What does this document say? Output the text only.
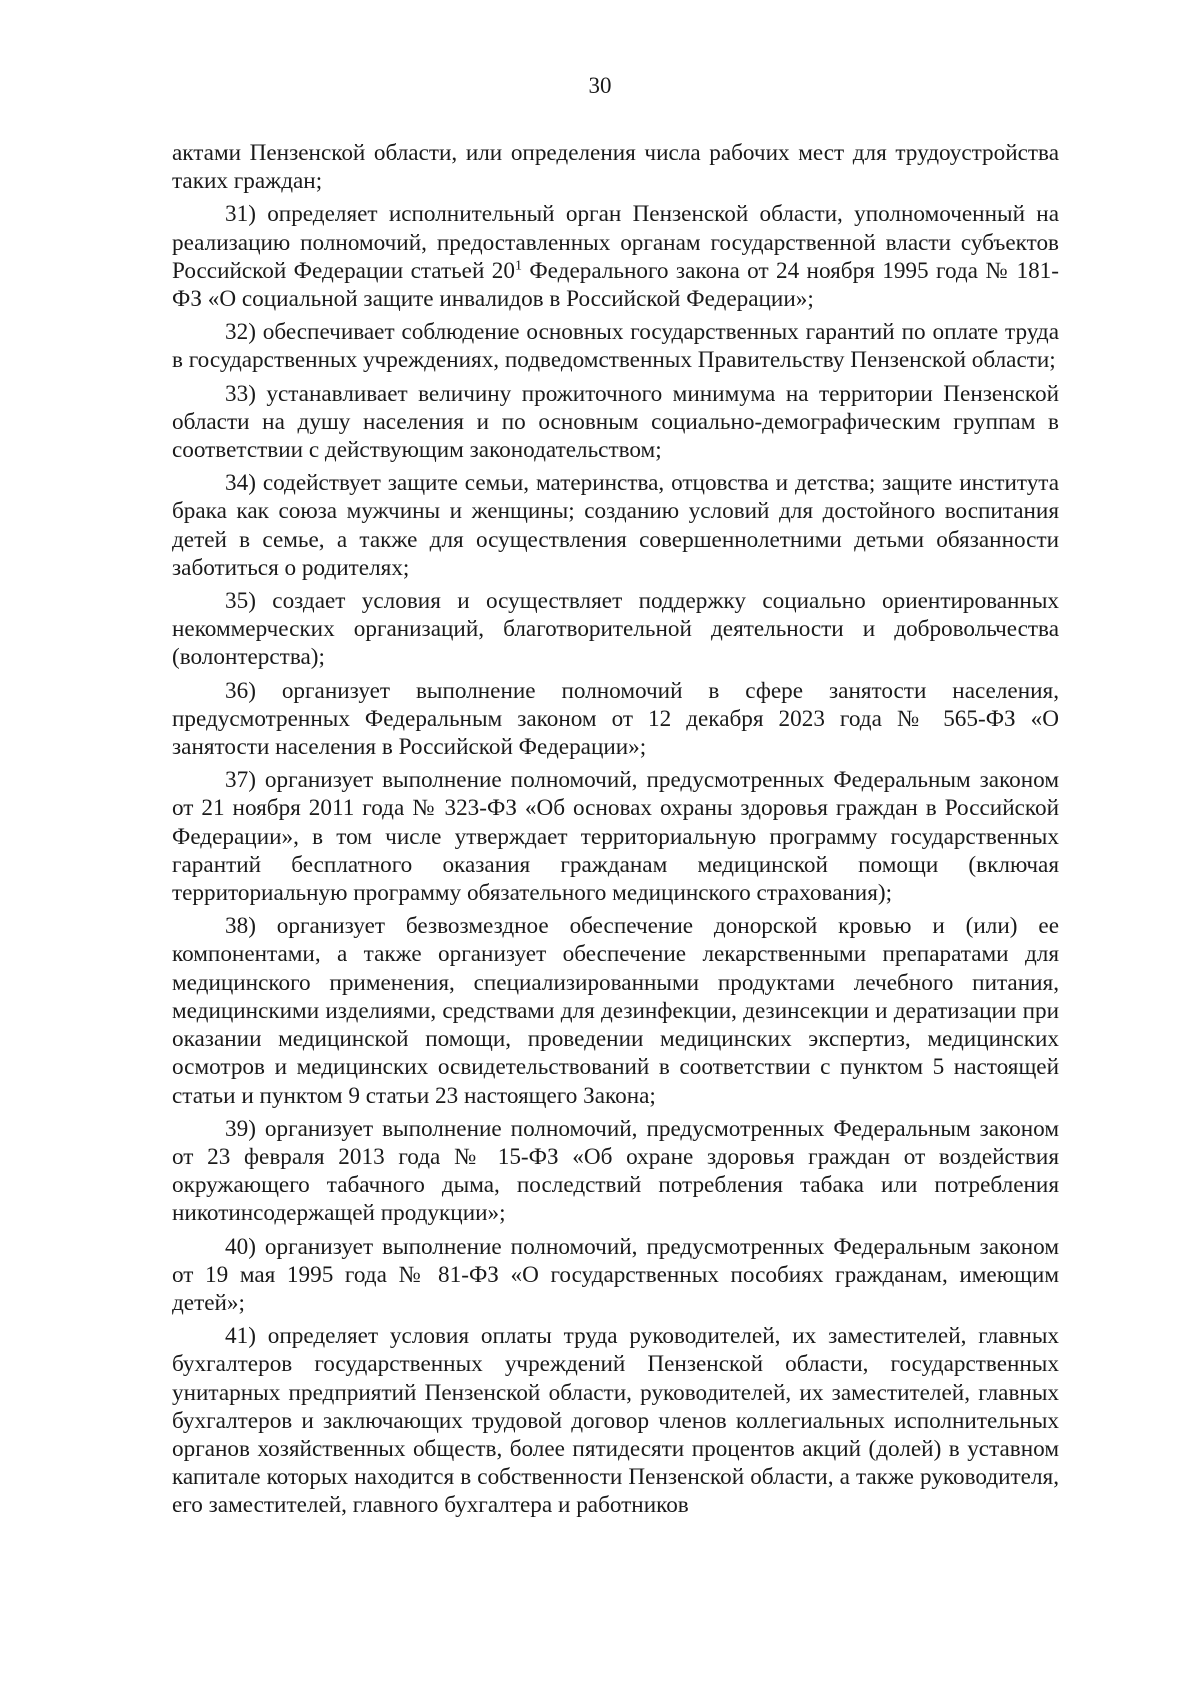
30

актами Пензенской области, или определения числа рабочих мест для трудоустройства таких граждан;

31) определяет исполнительный орган Пензенской области, уполномоченный на реализацию полномочий, предоставленных органам государственной власти субъектов Российской Федерации статьей $20^1$ Федерального закона от 24 ноября 1995 года № 181-ФЗ «О социальной защите инвалидов в Российской Федерации»;

32) обеспечивает соблюдение основных государственных гарантий по оплате труда в государственных учреждениях, подведомственных Правительству Пензенской области;

33) устанавливает величину прожиточного минимума на территории Пензенской области на душу населения и по основным социально-демографическим группам в соответствии с действующим законодательством;

34) содействует защите семьи, материнства, отцовства и детства; защите института брака как союза мужчины и женщины; созданию условий для достойного воспитания детей в семье, а также для осуществления совершеннолетними детьми обязанности заботиться о родителях;

35) создает условия и осуществляет поддержку социально ориентированных некоммерческих организаций, благотворительной деятельности и добровольчества (волонтерства);

36) организует выполнение полномочий в сфере занятости населения, предусмотренных Федеральным законом от 12 декабря 2023 года № 565-ФЗ «О занятости населения в Российской Федерации»;

37) организует выполнение полномочий, предусмотренных Федеральным законом от 21 ноября 2011 года № 323-ФЗ «Об основах охраны здоровья граждан в Российской Федерации», в том числе утверждает территориальную программу государственных гарантий бесплатного оказания гражданам медицинской помощи (включая территориальную программу обязательного медицинского страхования);

38) организует безвозмездное обеспечение донорской кровью и (или) ее компонентами, а также организует обеспечение лекарственными препаратами для медицинского применения, специализированными продуктами лечебного питания, медицинскими изделиями, средствами для дезинфекции, дезинсекции и дератизации при оказании медицинской помощи, проведении медицинских экспертиз, медицинских осмотров и медицинских освидетельствований в соответствии с пунктом 5 настоящей статьи и пунктом 9 статьи 23 настоящего Закона;

39) организует выполнение полномочий, предусмотренных Федеральным законом от 23 февраля 2013 года № 15-ФЗ «Об охране здоровья граждан от воздействия окружающего табачного дыма, последствий потребления табака или потребления никотинсодержащей продукции»;

40) организует выполнение полномочий, предусмотренных Федеральным законом от 19 мая 1995 года № 81-ФЗ «О государственных пособиях гражданам, имеющим детей»;

41) определяет условия оплаты труда руководителей, их заместителей, главных бухгалтеров государственных учреждений Пензенской области, государственных унитарных предприятий Пензенской области, руководителей, их заместителей, главных бухгалтеров и заключающих трудовой договор членов коллегиальных исполнительных органов хозяйственных обществ, более пятидесяти процентов акций (долей) в уставном капитале которых находится в собственности Пензенской области, а также руководителя, его заместителей, главного бухгалтера и работников
